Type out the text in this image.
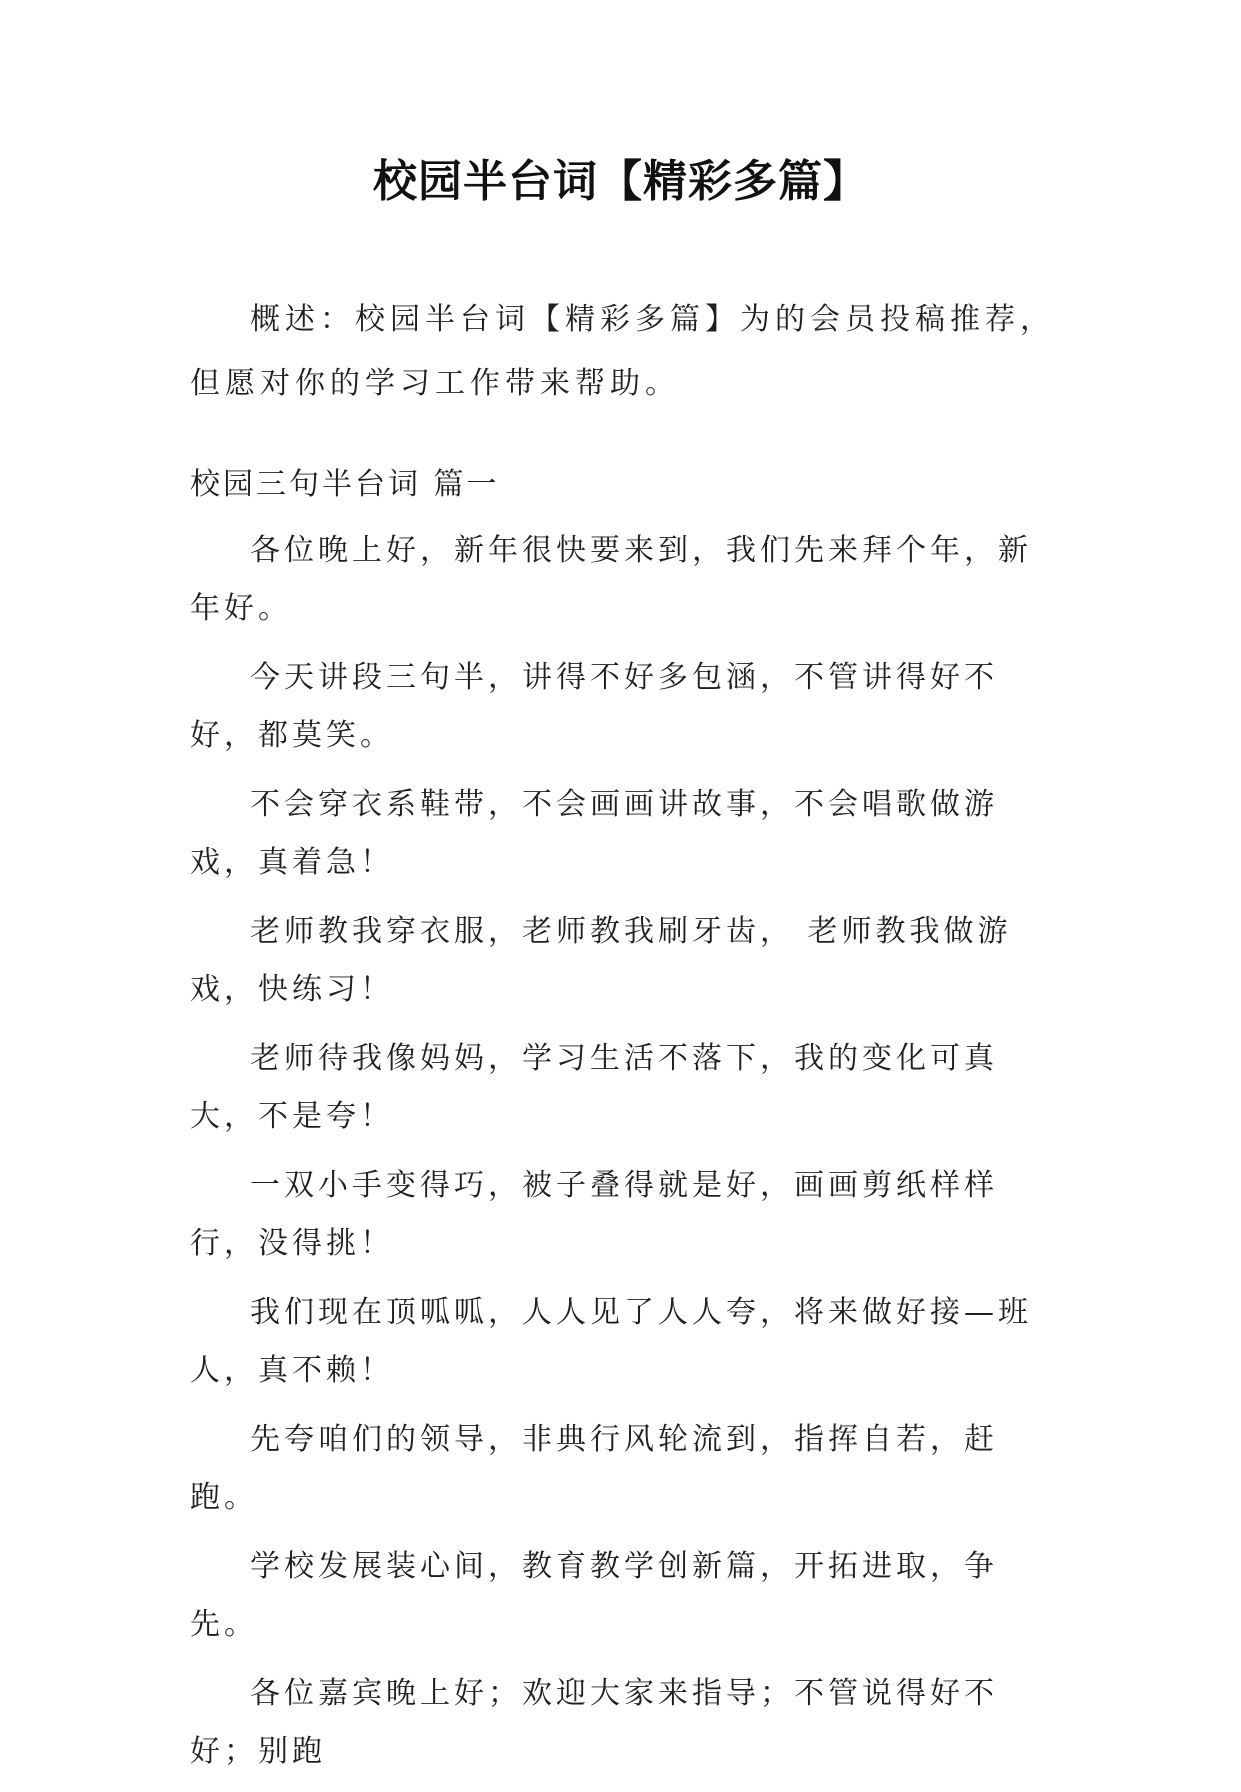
校园半台词【精彩多篇】

概述：校园半台词【精彩多篇】为的会员投稿推荐，但愿对你的学习工作带来帮助。

校园三句半台词 篇一

各位晚上好，新年很快要来到，我们先来拜个年，新年好。

今天讲段三句半，讲得不好多包涵，不管讲得好不好，都莫笑。

不会穿衣系鞋带，不会画画讲故事，不会唱歌做游戏，真着急！

老师教我穿衣服，老师教我刷牙齿， 老师教我做游戏，快练习！

老师待我像妈妈，学习生活不落下，我的变化可真大，不是夸！

一双小手变得巧，被子叠得就是好，画画剪纸样样行，没得挑！

我们现在顶呱呱，人人见了人人夸，将来做好接—班人，真不赖！

先夸咱们的领导，非典行风轮流到，指挥自若，赶跑。

学校发展装心间，教育教学创新篇，开拓进取，争先。

各位嘉宾晚上好；欢迎大家来指导；不管说得好不好；别跑
